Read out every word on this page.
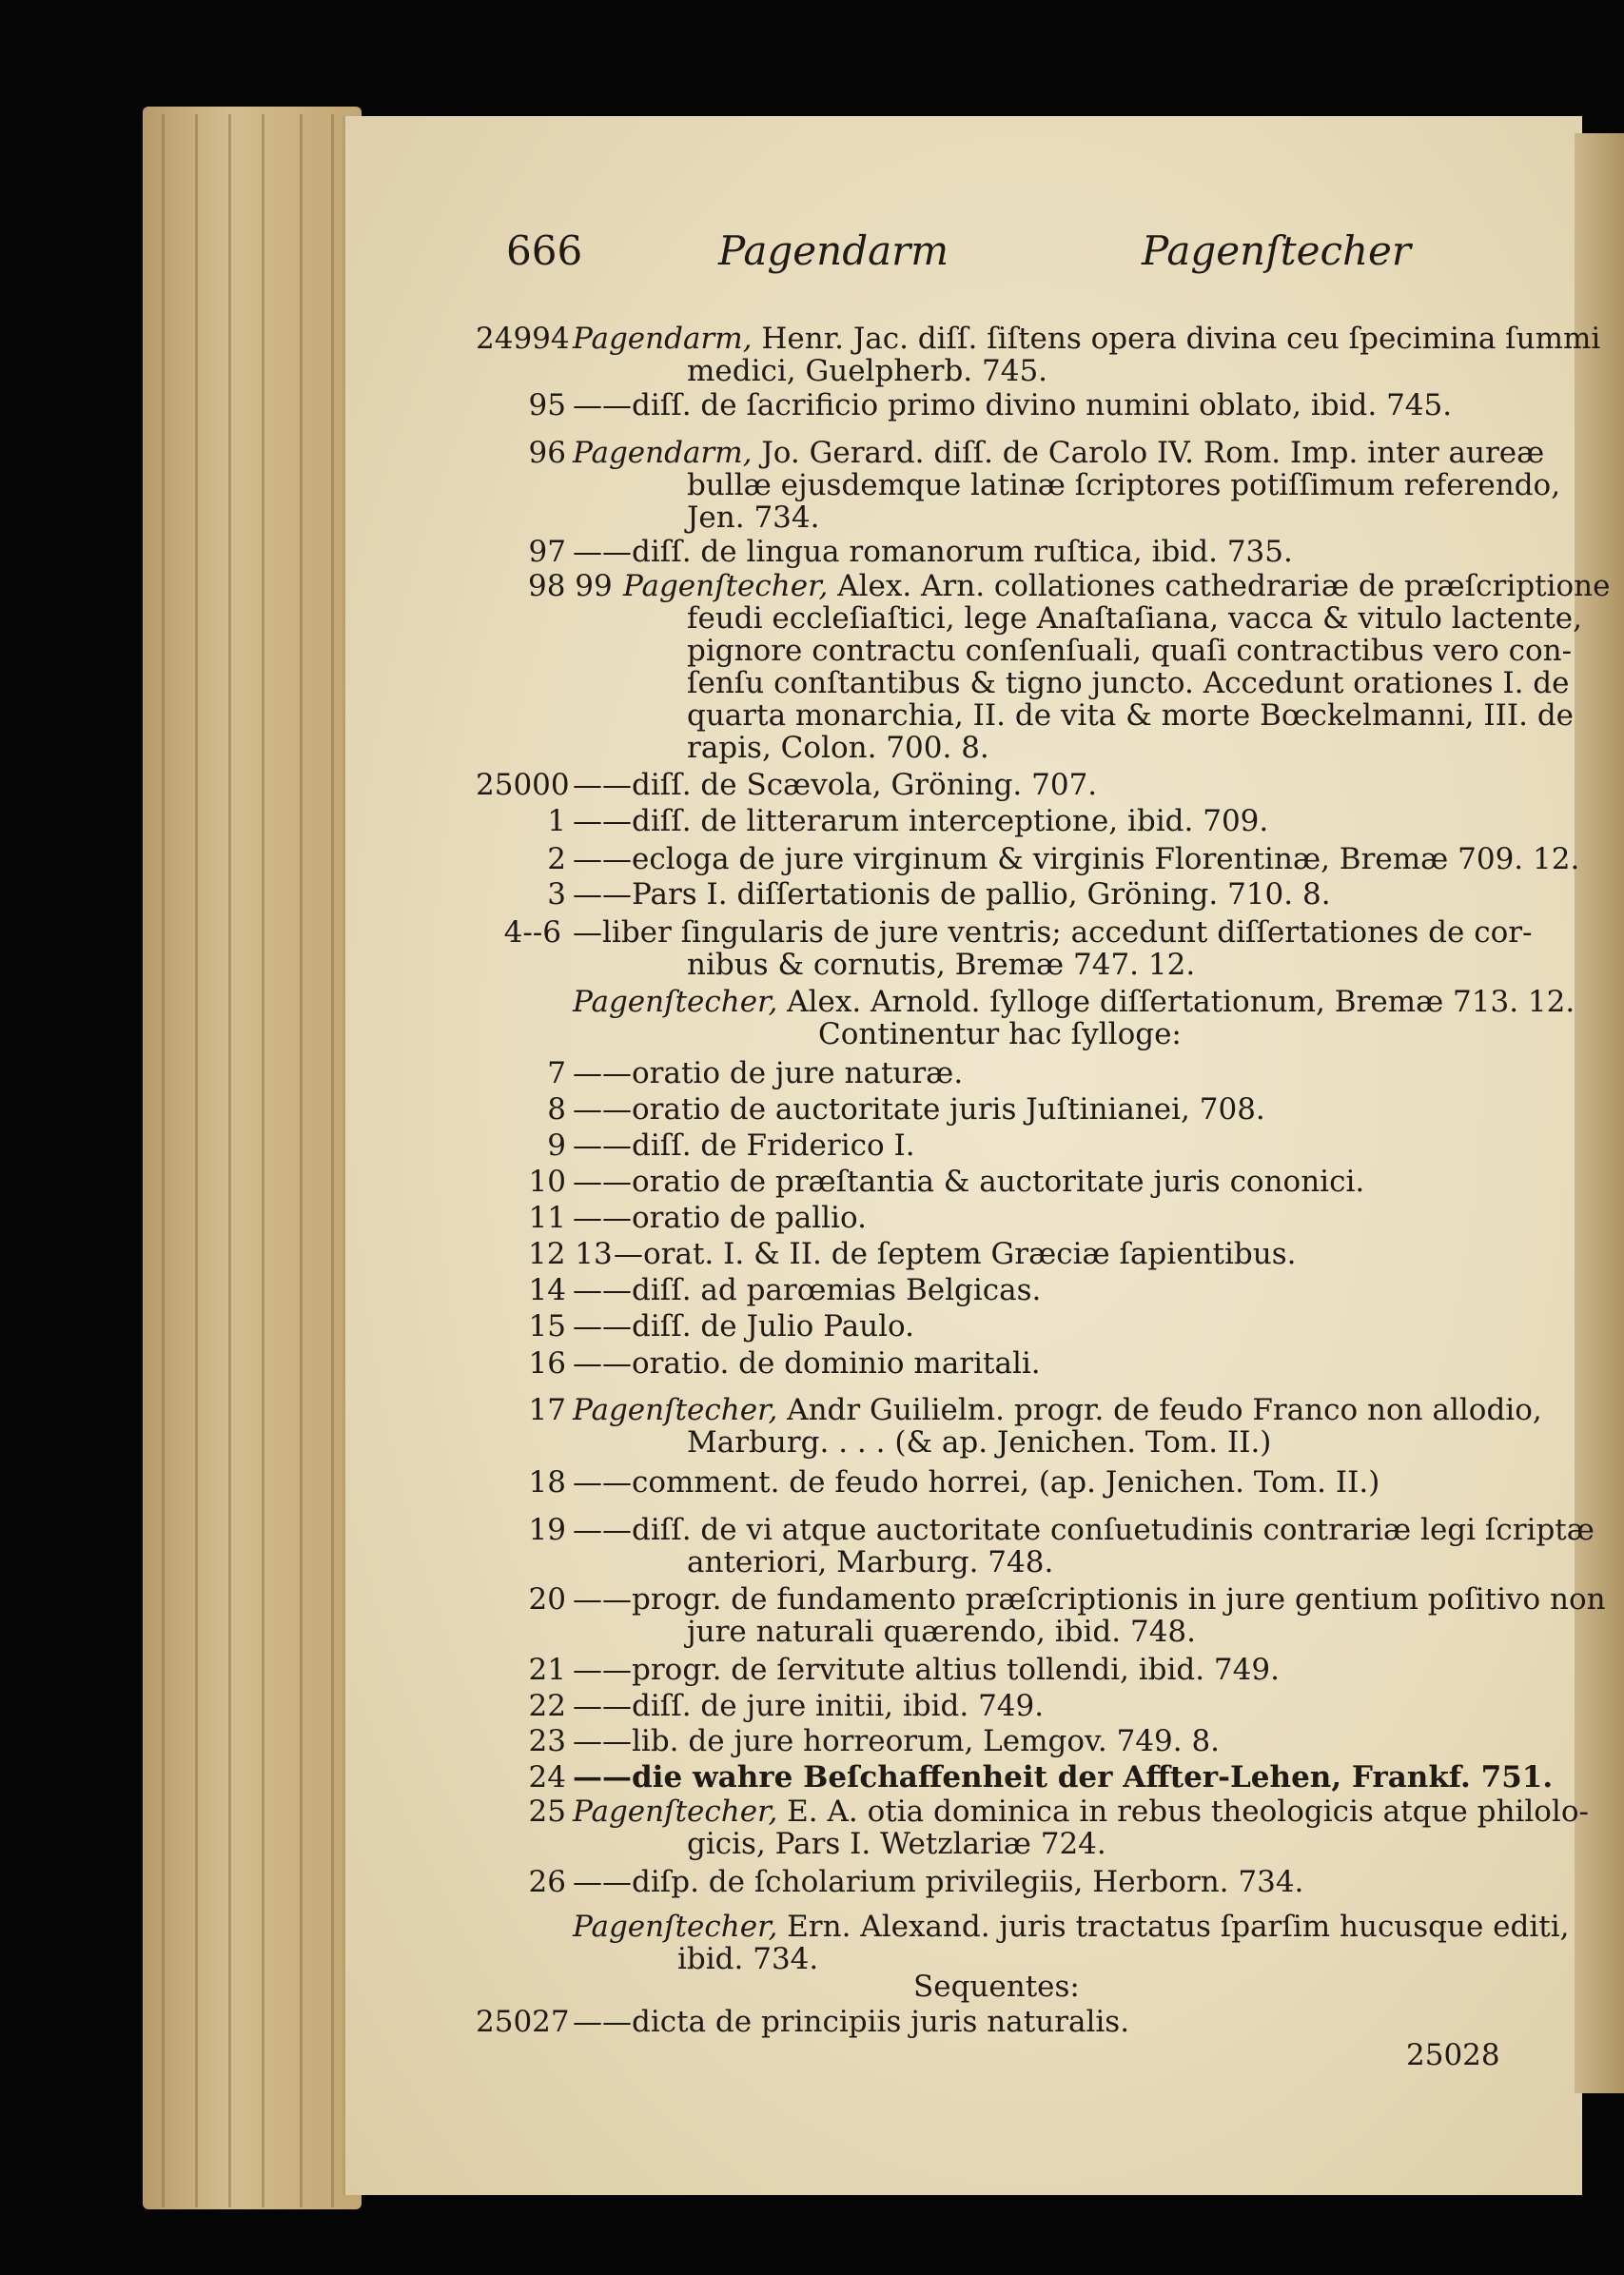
666	Pagendarm	Pagenſtecher
24994 Pagendarm, Henr. Jac. diſſ. ſiſtens opera divina ceu ſpecimina ſummi
medici, Guelpherb. 745.
95 ——diſſ. de ſacrificio primo divino numini oblato, ibid. 745.
96 Pagendarm, Jo. Gerard. diſſ. de Carolo IV. Rom. Imp. inter aureæ
bullæ ejusdemque latinæ ſcriptores potiſſimum referendo,
Jen. 734.
97 ——diſſ. de lingua romanorum ruſtica, ibid. 735.
98 99 Pagenſtecher, Alex. Arn. collationes cathedrariæ de præſcriptione
feudi eccleſiaſtici, lege Anaſtaſiana, vacca & vitulo lactente,
pignore contractu conſenſuali, quaſi contractibus vero con-
ſenſu conſtantibus & tigno juncto. Accedunt orationes I. de
quarta monarchia, II. de vita & morte Bœckelmanni, III. de
rapis, Colon. 700. 8.
25000 ——diſſ. de Scævola, Gröning. 707.
1 ——diſſ. de litterarum interceptione, ibid. 709.
2 ——ecloga de jure virginum & virginis Florentinæ, Bremæ 709. 12.
3 ——Pars I. diſſertationis de pallio, Gröning. 710. 8.
4--6 —liber ſingularis de jure ventris; accedunt diſſertationes de cor-
nibus & cornutis, Bremæ 747. 12.
Pagenſtecher, Alex. Arnold. ſylloge diſſertationum, Bremæ 713. 12.
Continentur hac ſylloge:
7 ——oratio de jure naturæ.
8 ——oratio de auctoritate juris Juſtinianei, 708.
9 ——diſſ. de Friderico I.
10 ——oratio de præſtantia & auctoritate juris cononici.
11 ——oratio de pallio.
12 13 —orat. I. & II. de ſeptem Græciæ ſapientibus.
14 ——diſſ. ad parœmias Belgicas.
15 ——diſſ. de Julio Paulo.
16 ——oratio. de dominio maritali.
17 Pagenſtecher, Andr Guilielm. progr. de feudo Franco non allodio,
Marburg. . . . (& ap. Jenichen. Tom. II.)
18 ——comment. de feudo horrei, (ap. Jenichen. Tom. II.)
19 ——diſſ. de vi atque auctoritate conſuetudinis contrariæ legi ſcriptæ
anteriori, Marburg. 748.
20 ——progr. de fundamento præſcriptionis in jure gentium poſitivo non
jure naturali quærendo, ibid. 748.
21 ——progr. de ſervitute altius tollendi, ibid. 749.
22 ——diſſ. de jure initii, ibid. 749.
23 ——lib. de jure horreorum, Lemgov. 749. 8.
24 ——die wahre Beſchaffenheit der Affter-Lehen, Frankf. 751.
25 Pagenſtecher, E. A. otia dominica in rebus theologicis atque philolo-
gicis, Pars I. Wetzlariæ 724.
26 ——diſp. de ſcholarium privilegiis, Herborn. 734.
Pagenſtecher, Ern. Alexand. juris tractatus ſparſim hucusque editi,
ibid. 734.
Sequentes:
25027 ——dicta de principiis juris naturalis.
25028
